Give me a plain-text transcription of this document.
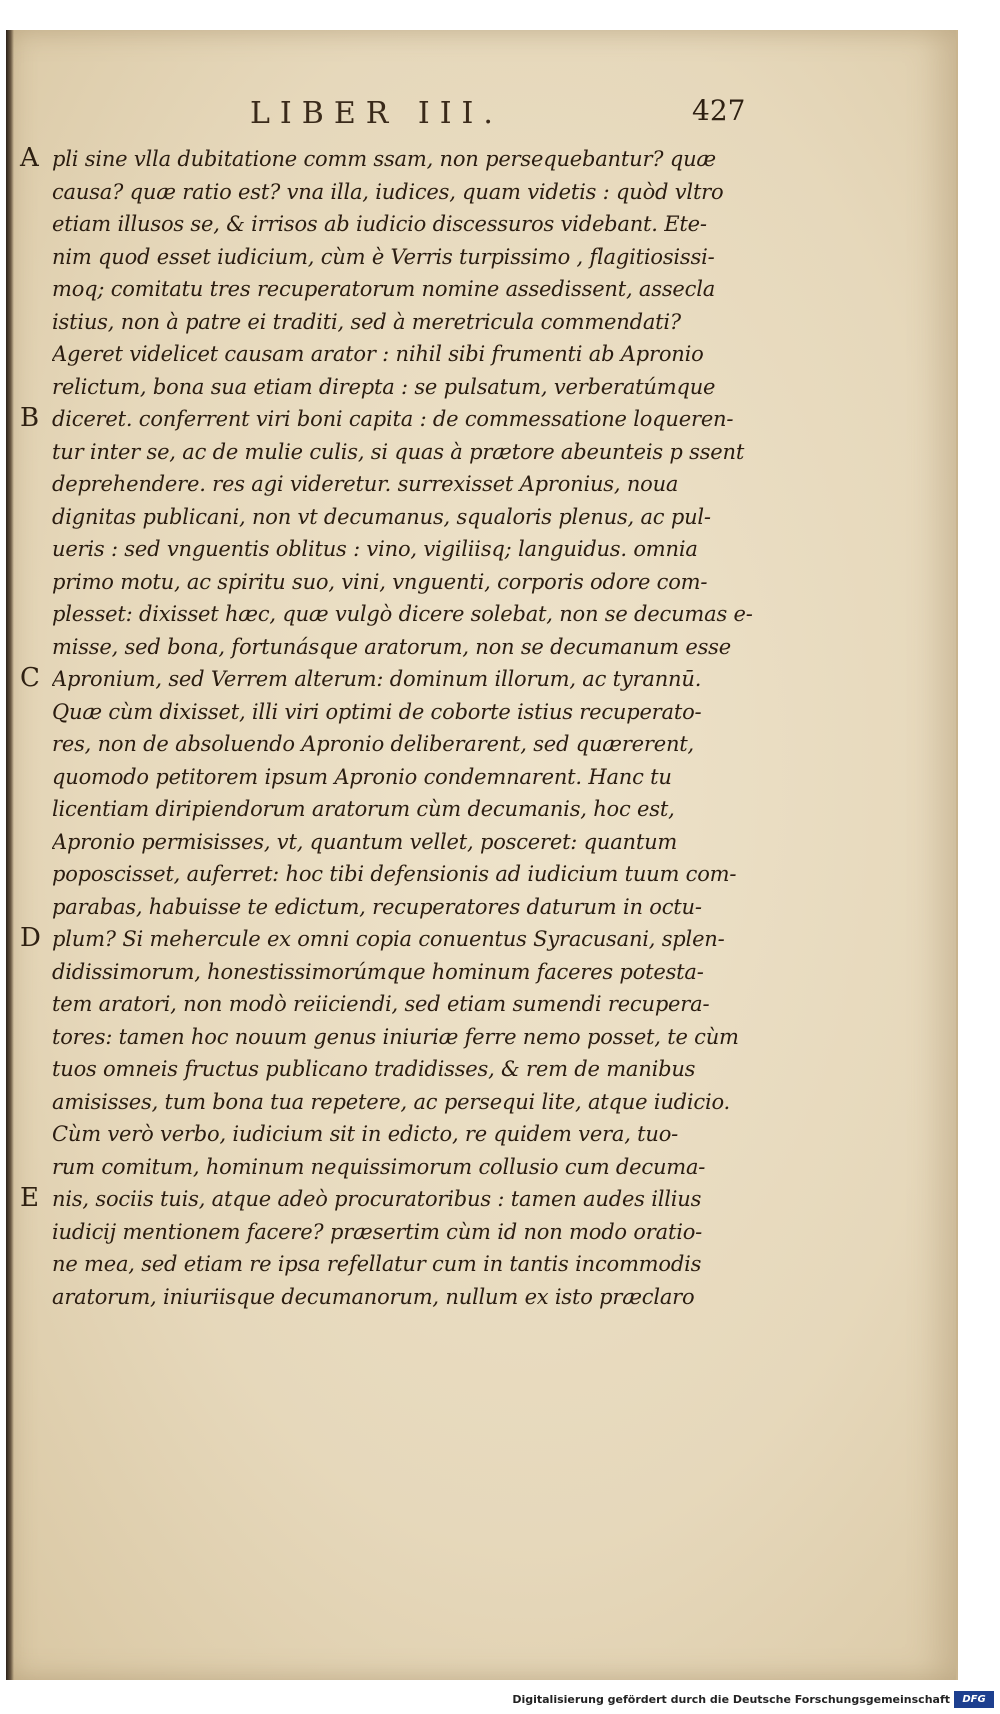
LIBER III.	427
A
B
C
D
E
pli sine vlla dubitatione comm ssam, non persequebantur? quæ
causa? quæ ratio est? vna illa, iudices, quam videtis : quòd vltro
etiam illusos se, & irrisos ab iudicio discessuros videbant. Ete-
nim quod esset iudicium, cùm è Verris turpissimo , flagitiosissi-
moq; comitatu tres recuperatorum nomine assedissent, assecla
istius, non à patre ei traditi, sed à meretricula commendati?
Ageret videlicet causam arator : nihil sibi frumenti ab Apronio
relictum, bona sua etiam direpta : se pulsatum, verberatúmque
diceret. conferrent viri boni capita : de commessatione loqueren-
tur inter se, ac de mulie culis, si quas à prætore abeunteis p ssent
deprehendere. res agi videretur. surrexisset Apronius, noua
dignitas publicani, non vt decumanus, squaloris plenus, ac pul-
ueris : sed vnguentis oblitus : vino, vigiliisq; languidus. omnia
primo motu, ac spiritu suo, vini, vnguenti, corporis odore com-
plesset: dixisset hæc, quæ vulgò dicere solebat, non se decumas e-
misse, sed bona, fortunásque aratorum, non se decumanum esse
Apronium, sed Verrem alterum: dominum illorum, ac tyrannū.
Quæ cùm dixisset, illi viri optimi de coborte istius recuperato-
res, non de absoluendo Apronio deliberarent, sed quærerent,
quomodo petitorem ipsum Apronio condemnarent. Hanc tu
licentiam diripiendorum aratorum cùm decumanis, hoc est,
Apronio permisisses, vt, quantum vellet, posceret: quantum
poposcisset, auferret: hoc tibi defensionis ad iudicium tuum com-
parabas, habuisse te edictum, recuperatores daturum in octu-
plum? Si mehercule ex omni copia conuentus Syracusani, splen-
didissimorum, honestissimorúmque hominum faceres potesta-
tem aratori, non modò reiiciendi, sed etiam sumendi recupera-
tores: tamen hoc nouum genus iniuriæ ferre nemo posset, te cùm
tuos omneis fructus publicano tradidisses, & rem de manibus
amisisses, tum bona tua repetere, ac persequi lite, atque iudicio.
Cùm verò verbo, iudicium sit in edicto, re quidem vera, tuo-
rum comitum, hominum nequissimorum collusio cum decuma-
nis, sociis tuis, atque adeò procuratoribus : tamen audes illius
iudicij mentionem facere? præsertim cùm id non modo oratio-
ne mea, sed etiam re ipsa refellatur cum in tantis incommodis
aratorum, iniuriisque decumanorum, nullum ex isto præclaro
Digitalisierung gefördert durch die Deutsche Forschungsgemeinschaft	DFG
